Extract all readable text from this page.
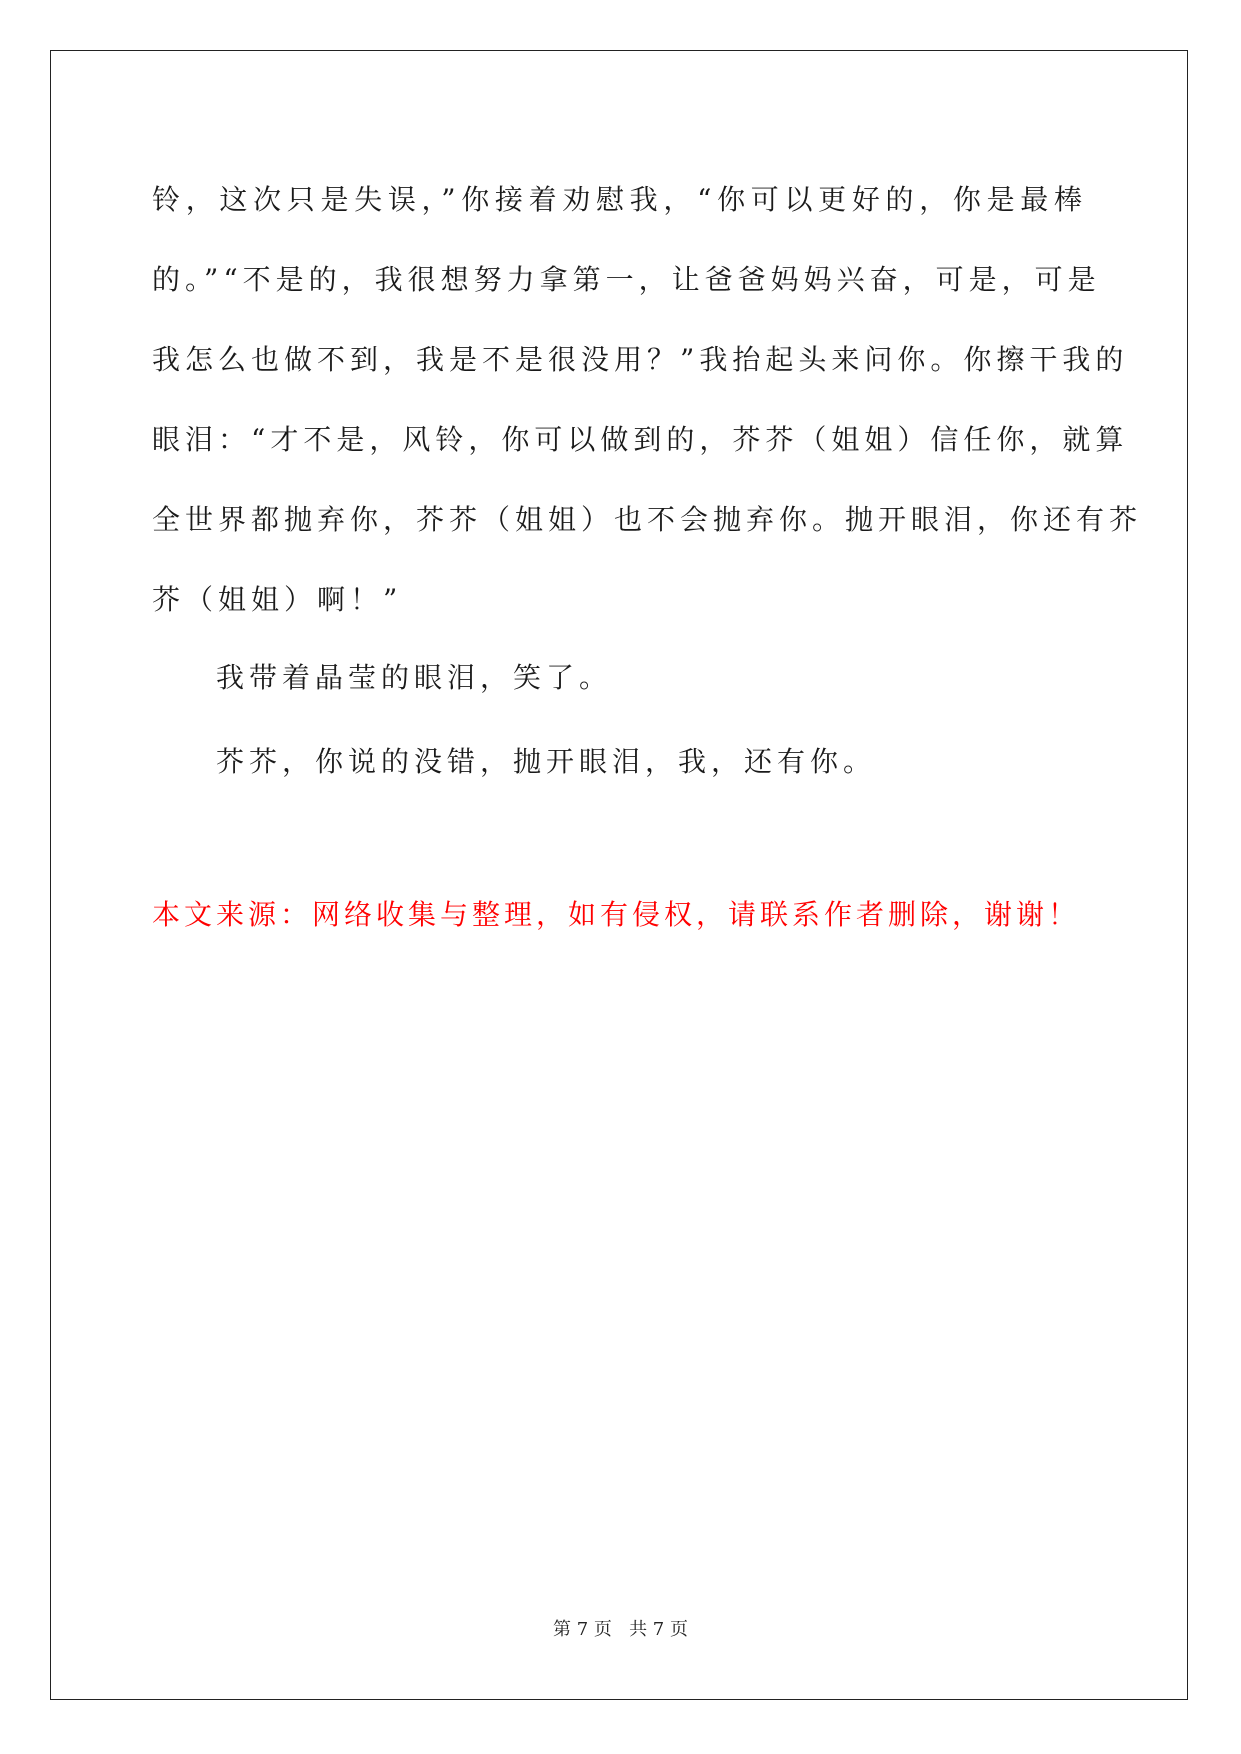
铃，这次只是失误，”你接着劝慰我，“你可以更好的，你是最棒
的。”“不是的，我很想努力拿第一，让爸爸妈妈兴奋，可是，可是
我怎么也做不到，我是不是很没用？”我抬起头来问你。你擦干我的
眼泪：“才不是，风铃，你可以做到的，芥芥（姐姐）信任你，就算
全世界都抛弃你，芥芥（姐姐）也不会抛弃你。抛开眼泪，你还有芥
芥（姐姐）啊！”
我带着晶莹的眼泪，笑了。
芥芥，你说的没错，抛开眼泪，我，还有你。
本文来源：网络收集与整理，如有侵权，请联系作者删除，谢谢！
第 7 页   共 7 页
